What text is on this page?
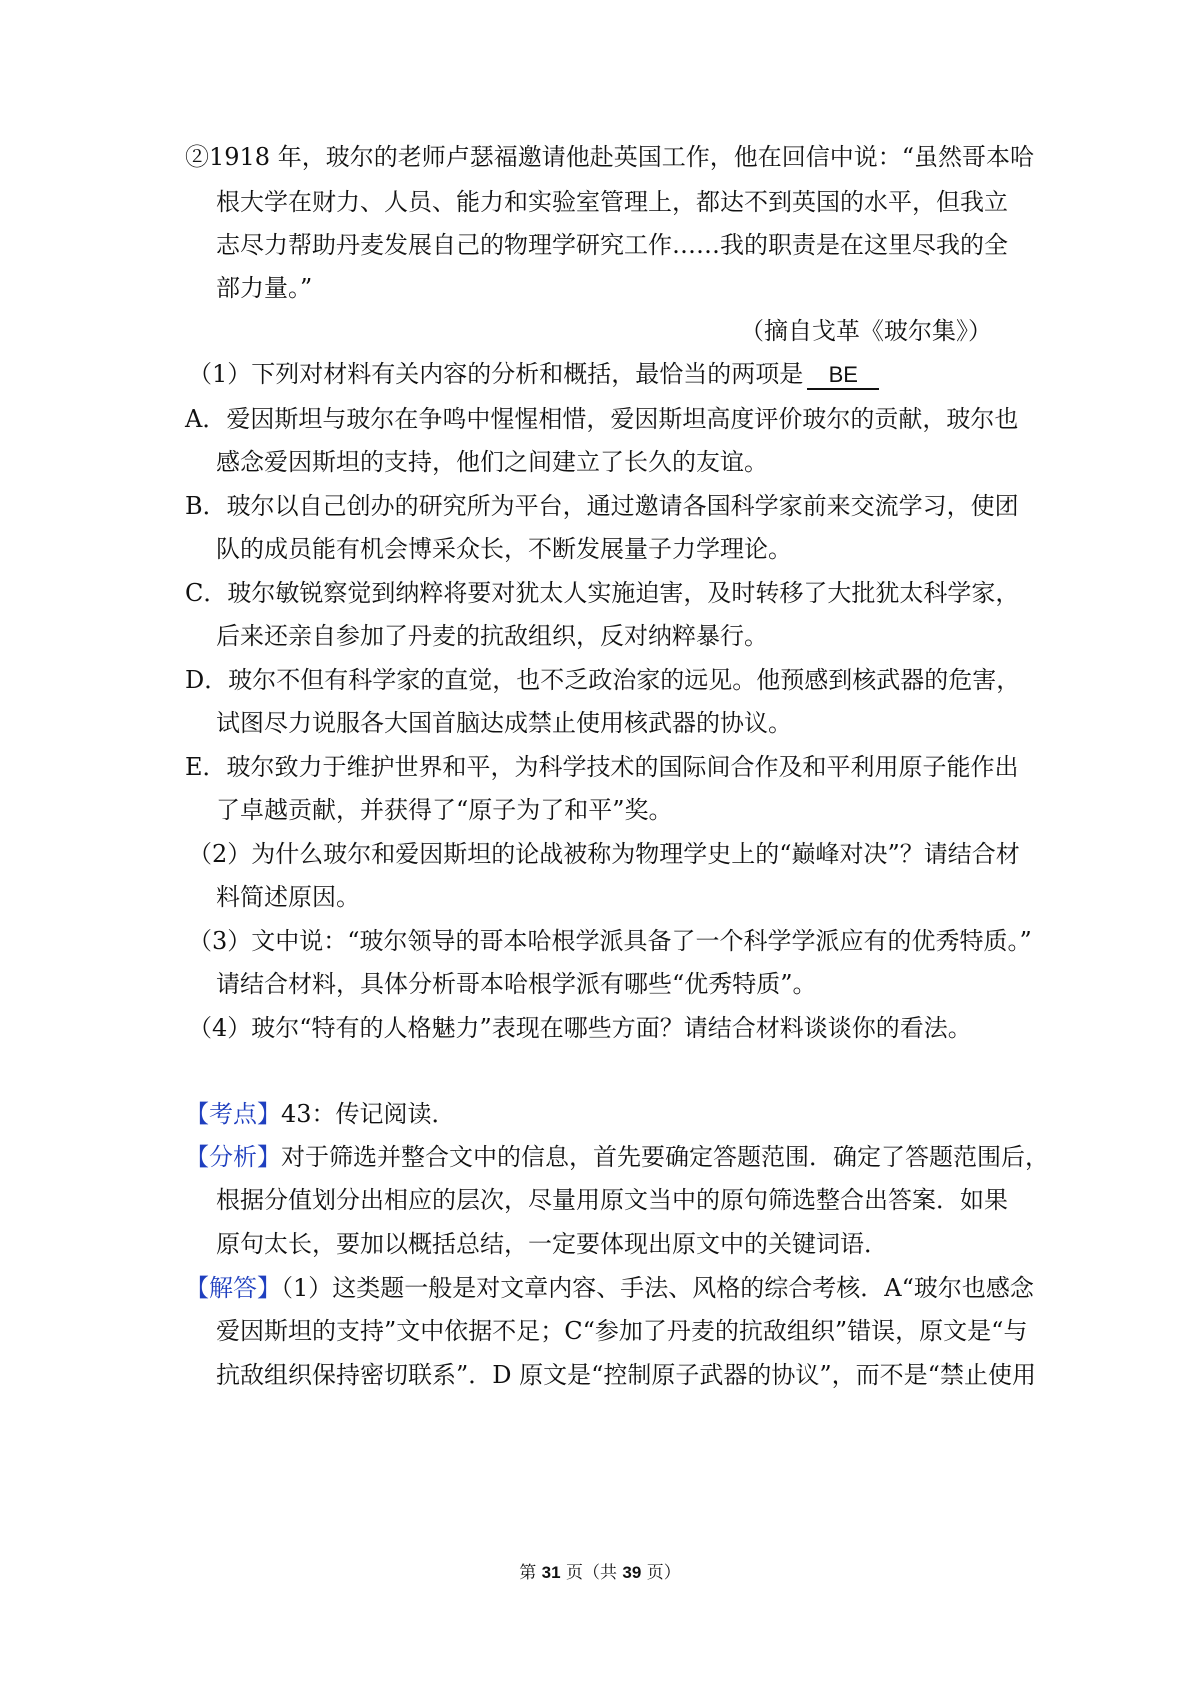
②1918 年，玻尔的老师卢瑟福邀请他赴英国工作，他在回信中说：“虽然哥本哈
根大学在财力、人员、能力和实验室管理上，都达不到英国的水平，但我立
志尽力帮助丹麦发展自己的物理学研究工作……我的职责是在这里尽我的全
部力量。”
（摘自戈革《玻尔集》）
（1）下列对材料有关内容的分析和概括，最恰当的两项是 BE
A．爱因斯坦与玻尔在争鸣中惺惺相惜，爱因斯坦高度评价玻尔的贡献，玻尔也
感念爱因斯坦的支持，他们之间建立了长久的友谊。
B．玻尔以自己创办的研究所为平台，通过邀请各国科学家前来交流学习，使团
队的成员能有机会博采众长，不断发展量子力学理论。
C．玻尔敏锐察觉到纳粹将要对犹太人实施迫害，及时转移了大批犹太科学家，
后来还亲自参加了丹麦的抗敌组织，反对纳粹暴行。
D．玻尔不但有科学家的直觉，也不乏政治家的远见。他预感到核武器的危害，
试图尽力说服各大国首脑达成禁止使用核武器的协议。
E．玻尔致力于维护世界和平，为科学技术的国际间合作及和平利用原子能作出
了卓越贡献，并获得了“原子为了和平”奖。
（2）为什么玻尔和爱因斯坦的论战被称为物理学史上的“巅峰对决”？请结合材
料简述原因。
（3）文中说：“玻尔领导的哥本哈根学派具备了一个科学学派应有的优秀特质。”
请结合材料，具体分析哥本哈根学派有哪些“优秀特质”。
（4）玻尔“特有的人格魅力”表现在哪些方面？请结合材料谈谈你的看法。
【考点】43：传记阅读．
【分析】对于筛选并整合文中的信息，首先要确定答题范围．确定了答题范围后，
根据分值划分出相应的层次，尽量用原文当中的原句筛选整合出答案．如果
原句太长，要加以概括总结，一定要体现出原文中的关键词语．
【解答】（1）这类题一般是对文章内容、手法、风格的综合考核．A“玻尔也感念
爱因斯坦的支持”文中依据不足；C“参加了丹麦的抗敌组织”错误，原文是“与
抗敌组织保持密切联系”．D 原文是“控制原子武器的协议”，而不是“禁止使用
第 31 页（共 39 页）
